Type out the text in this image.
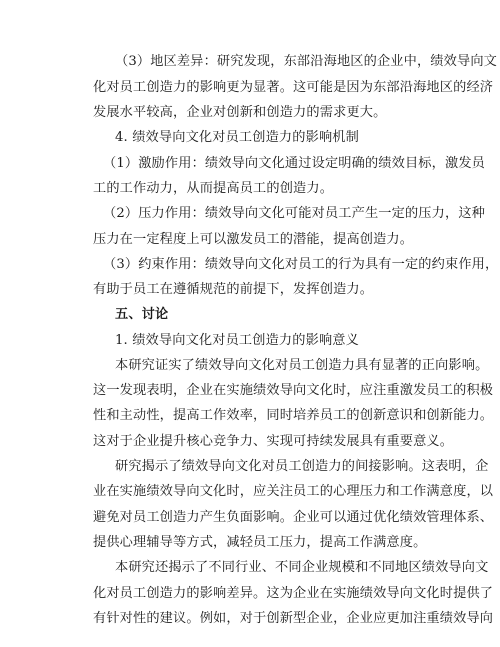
（3）地区差异：研究发现，东部沿海地区的企业中，绩效导向文
化对员工创造力的影响更为显著。这可能是因为东部沿海地区的经济
发展水平较高，企业对创新和创造力的需求更大。
4. 绩效导向文化对员工创造力的影响机制
（1）激励作用：绩效导向文化通过设定明确的绩效目标，激发员
工的工作动力，从而提高员工的创造力。
（2）压力作用：绩效导向文化可能对员工产生一定的压力，这种
压力在一定程度上可以激发员工的潜能，提高创造力。
（3）约束作用：绩效导向文化对员工的行为具有一定的约束作用，
有助于员工在遵循规范的前提下，发挥创造力。
五、讨论
1. 绩效导向文化对员工创造力的影响意义
本研究证实了绩效导向文化对员工创造力具有显著的正向影响。
这一发现表明，企业在实施绩效导向文化时，应注重激发员工的积极
性和主动性，提高工作效率，同时培养员工的创新意识和创新能力。
这对于企业提升核心竞争力、实现可持续发展具有重要意义。
研究揭示了绩效导向文化对员工创造力的间接影响。这表明，企
业在实施绩效导向文化时，应关注员工的心理压力和工作满意度，以
避免对员工创造力产生负面影响。企业可以通过优化绩效管理体系、
提供心理辅导等方式，减轻员工压力，提高工作满意度。
本研究还揭示了不同行业、不同企业规模和不同地区绩效导向文
化对员工创造力的影响差异。这为企业在实施绩效导向文化时提供了
有针对性的建议。例如，对于创新型企业，企业应更加注重绩效导向
